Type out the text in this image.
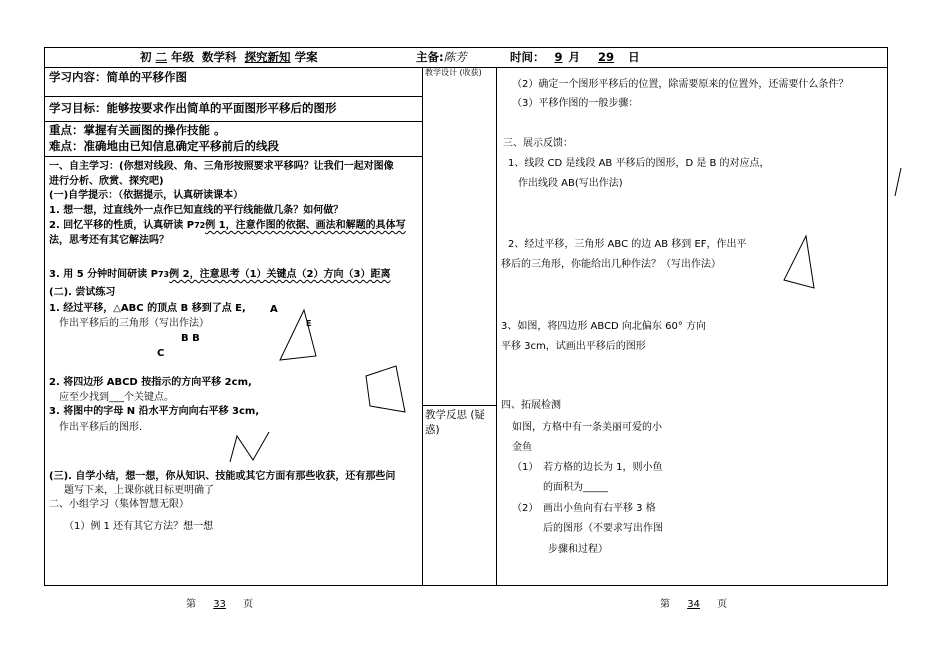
初 二 年级 数学科 探究新知 学案	主备:陈芳	时间： 9 月 29 日
学习内容：简单的平移作图
学习目标：能够按要求作出简单的平面图形平移后的图形
重点：掌握有关画图的操作技能 。
难点：准确地由已知信息确定平移前后的线段
一、自主学习：(你想对线段、角、三角形按照要求平移吗？让我们一起对图像
进行分析、欣赏、探究吧)
(一)自学提示：（依据提示，认真研读课本）
1. 想一想，过直线外一点作已知直线的平行线能做几条？如何做？
2. 回忆平移的性质，认真研读 P72例 1，注意作图的依据、画法和解题的具体写
法，思考还有其它解法吗？
3. 用 5 分钟时间研读 P73例 2，注意思考（1）关键点（2）方向（3）距离
(二). 尝试练习
1. 经过平移，△ABC 的顶点 B 移到了点 E, A
作出平移后的三角形（写出作法）	E
B B
C
2. 将四边形 ABCD 按指示的方向平移 2cm,
应至少找到___个关键点。
3. 将图中的字母 N 沿水平方向向右平移 3cm,
作出平移后的图形.
(三). 自学小结，想一想，你从知识、技能或其它方面有那些收获，还有那些问
题写下来，上课你就目标更明确了
二、小组学习（集体智慧无限）
（1）例 1 还有其它方法？想一想
教学设计 (收获)
教学反思 (疑
惑)
（2）确定一个图形平移后的位置，除需要原来的位置外，还需要什么条件？
（3）平移作图的一般步骤：
三、展示反馈：
1、线段 CD 是线段 AB 平移后的图形，D 是 B 的对应点，
作出线段 AB(写出作法)
2、经过平移，三角形 ABC 的边 AB 移到 EF，作出平
移后的三角形，你能给出几种作法？（写出作法）
3、如图，将四边形 ABCD 向北偏东 60° 方向
平移 3cm，试画出平移后的图形
四、拓展检测
如图，方格中有一条美丽可爱的小
金鱼
（1） 若方格的边长为 1，则小鱼
的面积为_____
（2） 画出小鱼向有右平移 3 格
后的图形（不要求写出作图
步骤和过程）
第 33 页	第 34 页
